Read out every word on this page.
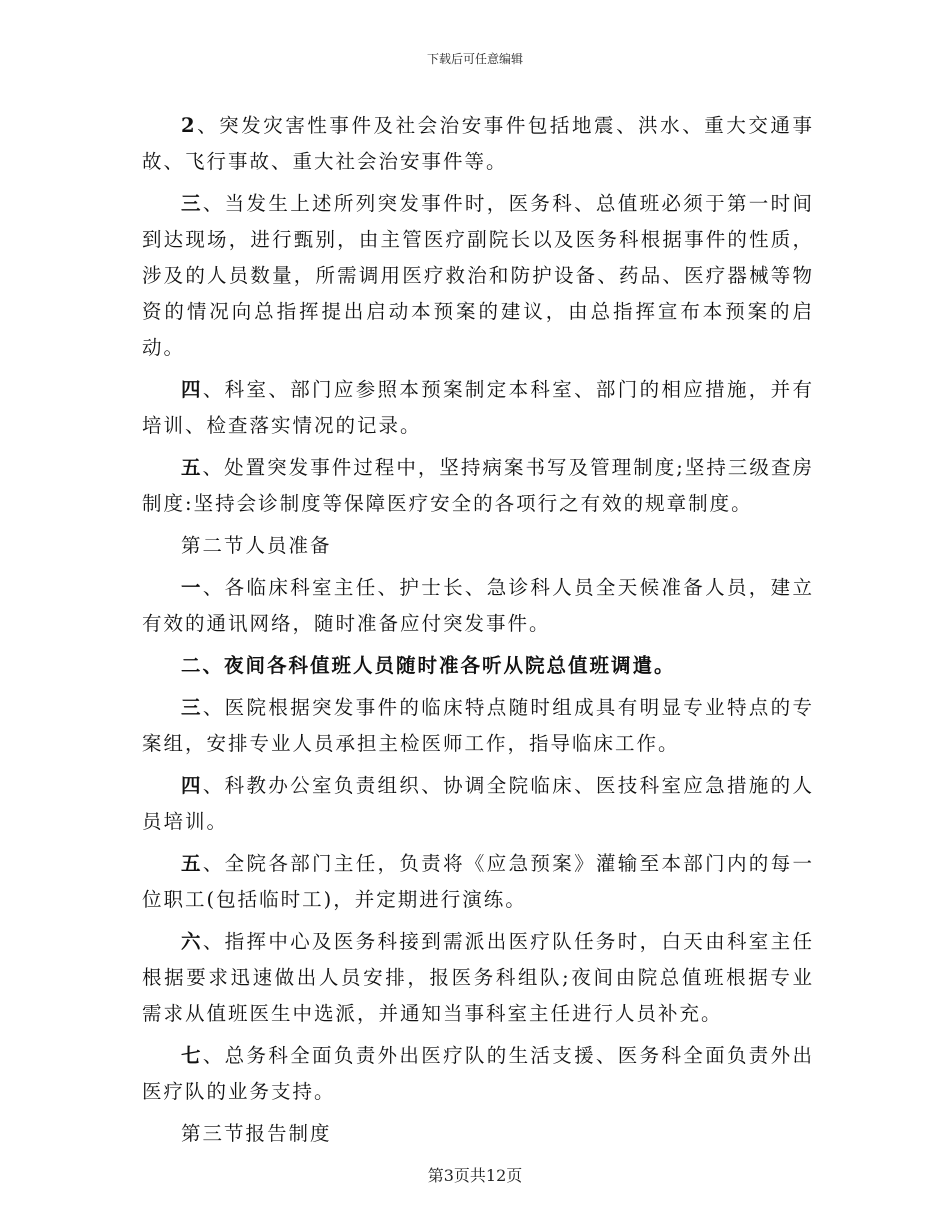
下载后可任意编辑

2、突发灾害性事件及社会治安事件包括地震、洪水、重大交通事故、飞行事故、重大社会治安事件等。

三、当发生上述所列突发事件时，医务科、总值班必须于第一时间到达现场，进行甄别，由主管医疗副院长以及医务科根据事件的性质，涉及的人员数量，所需调用医疗救治和防护设备、药品、医疗器械等物资的情况向总指挥提出启动本预案的建议，由总指挥宣布本预案的启动。

四、科室、部门应参照本预案制定本科室、部门的相应措施，并有培训、检查落实情况的记录。

五、处置突发事件过程中，坚持病案书写及管理制度;坚持三级查房制度:坚持会诊制度等保障医疗安全的各项行之有效的规章制度。

第二节人员准备

一、各临床科室主任、护士长、急诊科人员全天候准备人员，建立有效的通讯网络，随时准备应付突发事件。

二、夜间各科值班人员随时准各听从院总值班调遣。

三、医院根据突发事件的临床特点随时组成具有明显专业特点的专案组，安排专业人员承担主检医师工作，指导临床工作。

四、科教办公室负责组织、协调全院临床、医技科室应急措施的人员培训。

五、全院各部门主任，负责将《应急预案》灌输至本部门内的每一位职工(包括临时工)，并定期进行演练。

六、指挥中心及医务科接到需派出医疗队任务时，白天由科室主任根据要求迅速做出人员安排，报医务科组队;夜间由院总值班根据专业需求从值班医生中选派，并通知当事科室主任进行人员补充。

七、总务科全面负责外出医疗队的生活支援、医务科全面负责外出医疗队的业务支持。

第三节报告制度

第3页共12页
